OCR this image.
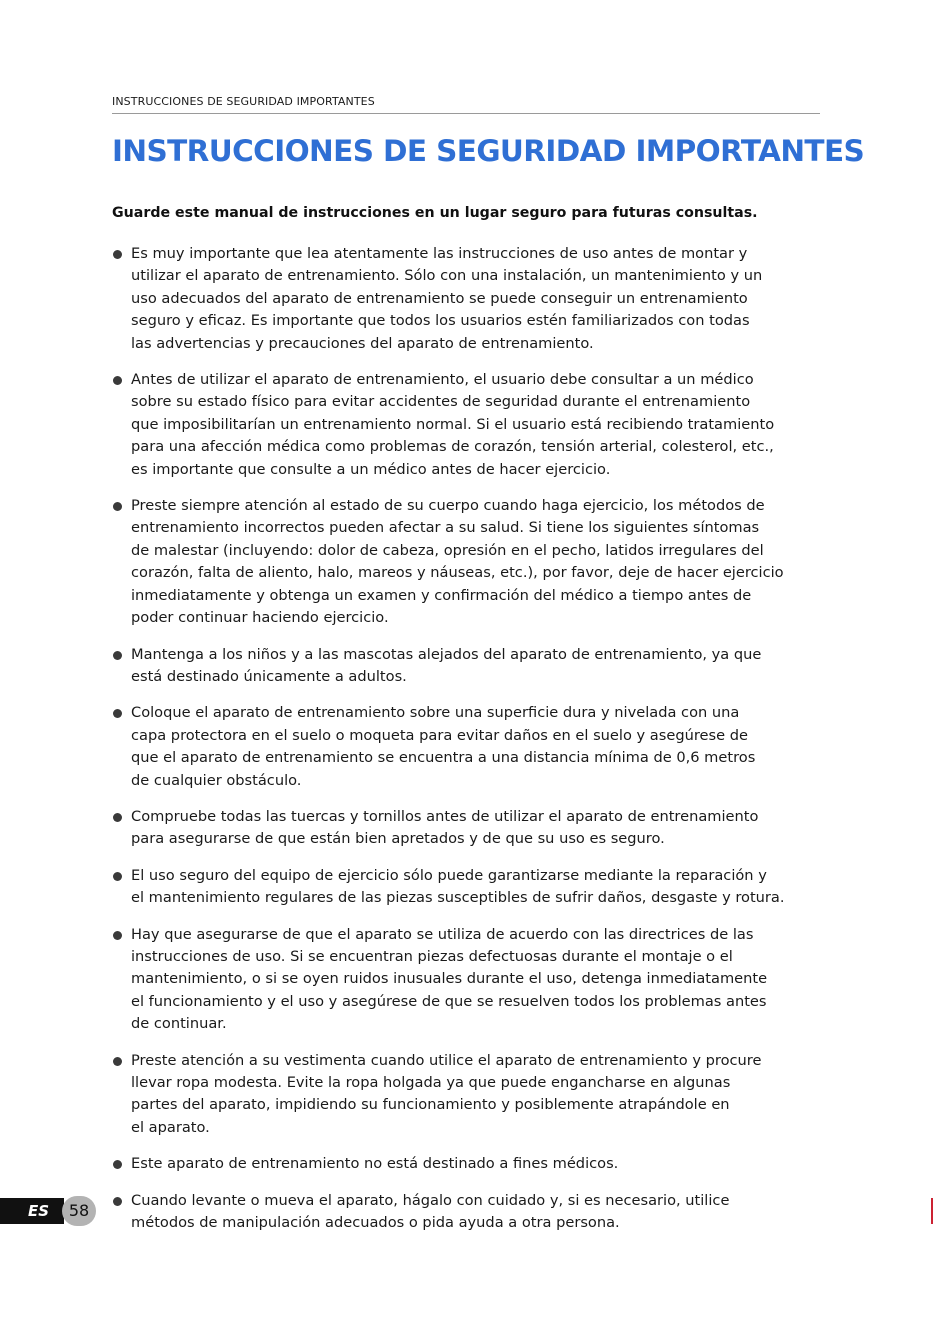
INSTRUCCIONES DE SEGURIDAD IMPORTANTES
INSTRUCCIONES DE SEGURIDAD IMPORTANTES

Guarde este manual de instrucciones en un lugar seguro para futuras consultas.

Es muy importante que lea atentamente las instrucciones de uso antes de montar y
utilizar el aparato de entrenamiento. Sólo con una instalación, un mantenimiento y un
uso adecuados del aparato de entrenamiento se puede conseguir un entrenamiento
seguro y eficaz. Es importante que todos los usuarios estén familiarizados con todas
las advertencias y precauciones del aparato de entrenamiento.
Antes de utilizar el aparato de entrenamiento, el usuario debe consultar a un médico
sobre su estado físico para evitar accidentes de seguridad durante el entrenamiento
que imposibilitarían un entrenamiento normal. Si el usuario está recibiendo tratamiento
para una afección médica como problemas de corazón, tensión arterial, colesterol, etc.,
es importante que consulte a un médico antes de hacer ejercicio.
Preste siempre atención al estado de su cuerpo cuando haga ejercicio, los métodos de
entrenamiento incorrectos pueden afectar a su salud. Si tiene los siguientes síntomas
de malestar (incluyendo: dolor de cabeza, opresión en el pecho, latidos irregulares del
corazón, falta de aliento, halo, mareos y náuseas, etc.), por favor, deje de hacer ejercicio
inmediatamente y obtenga un examen y confirmación del médico a tiempo antes de
poder continuar haciendo ejercicio.
Mantenga a los niños y a las mascotas alejados del aparato de entrenamiento, ya que
está destinado únicamente a adultos.
Coloque el aparato de entrenamiento sobre una superficie dura y nivelada con una
capa protectora en el suelo o moqueta para evitar daños en el suelo y asegúrese de
que el aparato de entrenamiento se encuentra a una distancia mínima de 0,6 metros
de cualquier obstáculo.
Compruebe todas las tuercas y tornillos antes de utilizar el aparato de entrenamiento
para asegurarse de que están bien apretados y de que su uso es seguro.
El uso seguro del equipo de ejercicio sólo puede garantizarse mediante la reparación y
el mantenimiento regulares de las piezas susceptibles de sufrir daños, desgaste y rotura.
Hay que asegurarse de que el aparato se utiliza de acuerdo con las directrices de las
instrucciones de uso. Si se encuentran piezas defectuosas durante el montaje o el
mantenimiento, o si se oyen ruidos inusuales durante el uso, detenga inmediatamente
el funcionamiento y el uso y asegúrese de que se resuelven todos los problemas antes
de continuar.
Preste atención a su vestimenta cuando utilice el aparato de entrenamiento y procure
llevar ropa modesta. Evite la ropa holgada ya que puede engancharse en algunas
partes del aparato, impidiendo su funcionamiento y posiblemente atrapándole en
el aparato.
Este aparato de entrenamiento no está destinado a fines médicos.
Cuando levante o mueva el aparato, hágalo con cuidado y, si es necesario, utilice
métodos de manipulación adecuados o pida ayuda a otra persona.
ES	58
